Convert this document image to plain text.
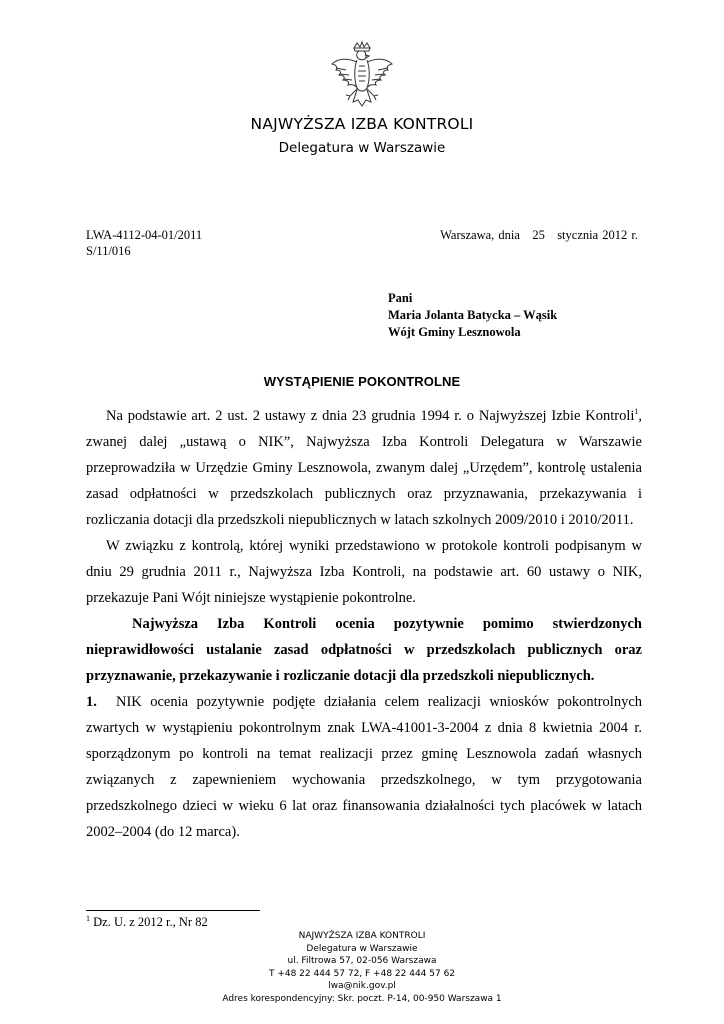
NAJWYŻSZA IZBA KONTROLI
Delegatura w Warszawie
LWA-4112-04-01/2011
S/11/016
Warszawa, dnia   25   stycznia 2012 r.
Pani
Maria Jolanta Batycka – Wąsik
Wójt Gminy Lesznowola
WYSTĄPIENIE POKONTROLNE

Na podstawie art. 2 ust. 2 ustawy z dnia 23 grudnia 1994 r. o Najwyższej Izbie Kontroli$^1$, zwanej dalej „ustawą o NIK”, Najwyższa Izba Kontroli Delegatura w Warszawie przeprowadziła w Urzędzie Gminy Lesznowola, zwanym dalej „Urzędem”, kontrolę ustalenia zasad odpłatności w przedszkolach publicznych oraz przyznawania, przekazywania i rozliczania dotacji dla przedszkoli niepublicznych w latach szkolnych 2009/2010 i 2010/2011.

W związku z kontrolą, której wyniki przedstawiono w protokole kontroli podpisanym w dniu 29 grudnia 2011 r., Najwyższa Izba Kontroli, na podstawie art. 60 ustawy o NIK, przekazuje Pani Wójt niniejsze wystąpienie pokontrolne.

Najwyższa Izba Kontroli ocenia pozytywnie pomimo stwierdzonych nieprawidłowości ustalanie zasad odpłatności w przedszkolach publicznych oraz przyznawanie, przekazywanie i rozliczanie dotacji dla przedszkoli niepublicznych.

1. NIK ocenia pozytywnie podjęte działania celem realizacji wniosków pokontrolnych zwartych w wystąpieniu pokontrolnym znak LWA-41001-3-2004 z dnia 8 kwietnia 2004 r. sporządzonym po kontroli na temat realizacji przez gminę Lesznowola zadań własnych związanych z zapewnieniem wychowania przedszkolnego, w tym przygotowania przedszkolnego dzieci w wieku 6 lat oraz finansowania działalności tych placówek w latach 2002–2004 (do 12 marca).

$^1$ Dz. U. z 2012 r., Nr 82
NAJWYŻSZA IZBA KONTROLI
Delegatura w Warszawie
ul. Filtrowa 57, 02-056 Warszawa
T +48 22 444 57 72, F +48 22 444 57 62
lwa@nik.gov.pl
Adres korespondencyjny: Skr. poczt. P-14, 00-950 Warszawa 1
